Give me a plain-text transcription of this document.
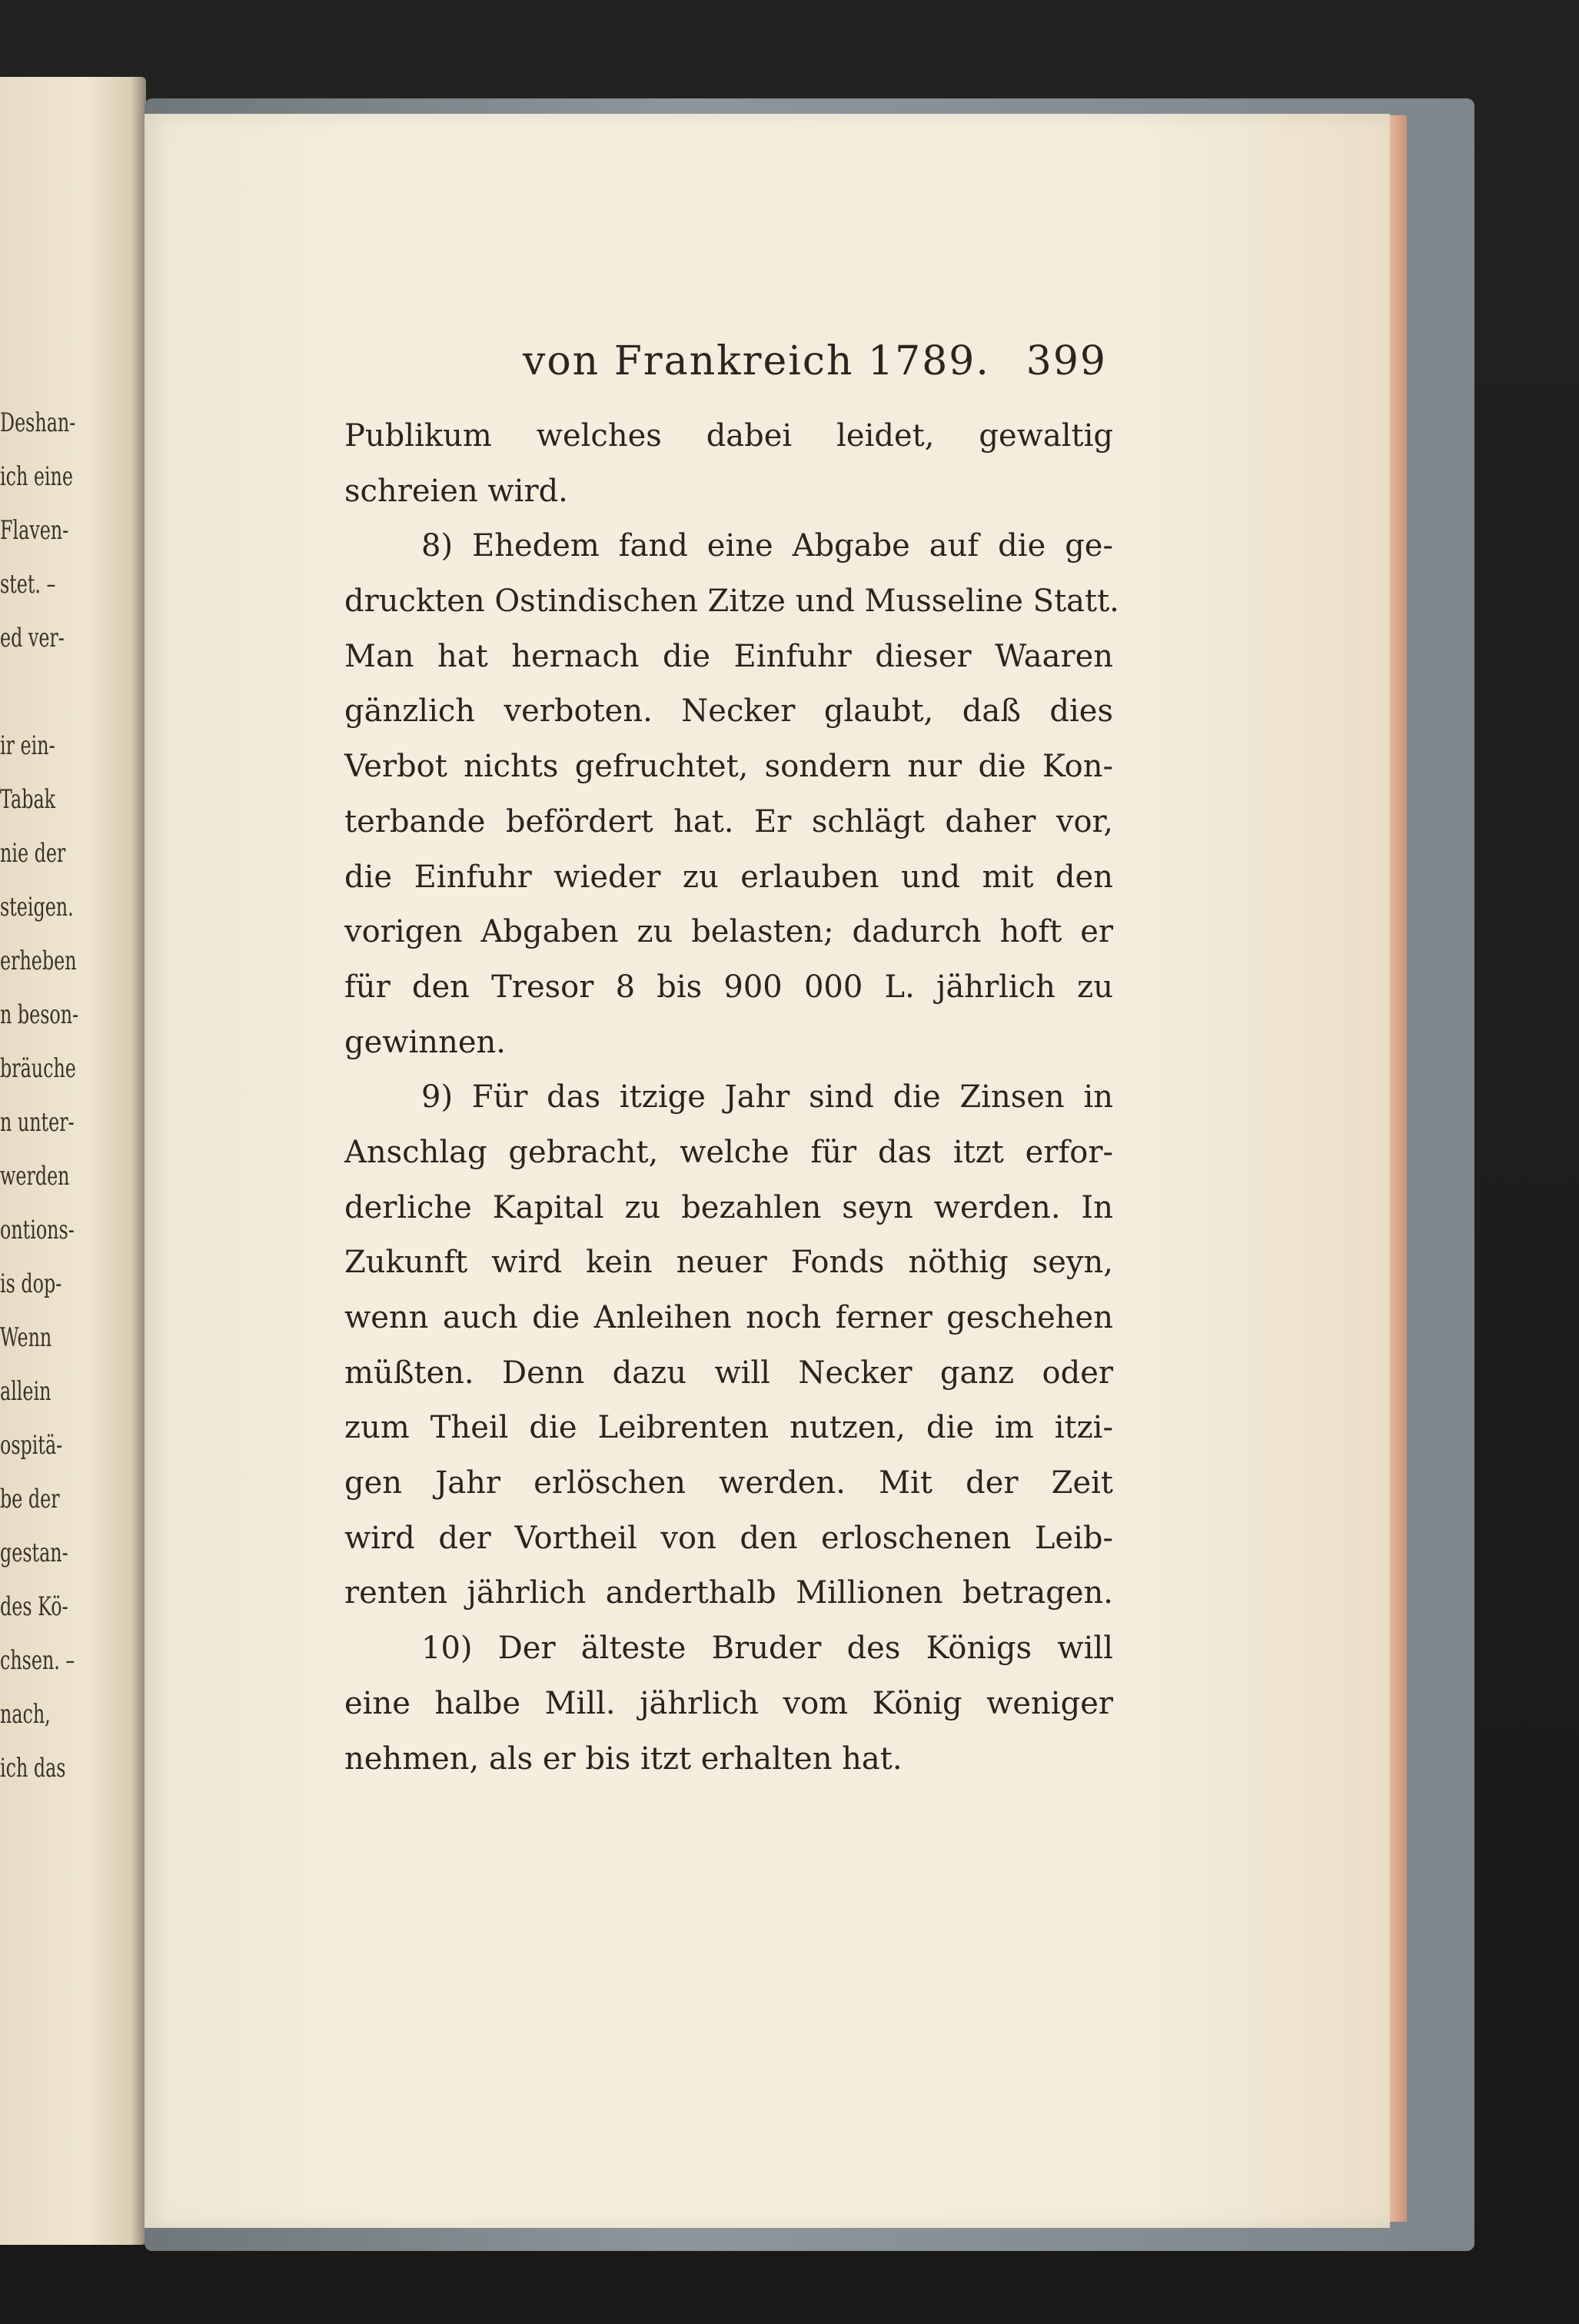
Deshan-
ich eine
Flaven-
stet. –
ed ver-
ir ein-
Tabak
nie der
steigen.
erheben
n beson-
bräuche
n unter-
werden
ontions-
is dop-
Wenn
allein
ospitä-
be der
gestan-
des Kö-
chsen. –
nach,
ich das
von Frankreich 1789. 399
Publikum welches dabei leidet, gewaltig
schreien wird.
8) Ehedem fand eine Abgabe auf die ge-
druckten Ostindischen Zitze und Musseline Statt.
Man hat hernach die Einfuhr dieser Waaren
gänzlich verboten. Necker glaubt, daß dies
Verbot nichts gefruchtet, sondern nur die Kon-
terbande befördert hat. Er schlägt daher vor,
die Einfuhr wieder zu erlauben und mit den
vorigen Abgaben zu belasten; dadurch hoft er
für den Tresor 8 bis 900 000 L. jährlich zu
gewinnen.
9) Für das itzige Jahr sind die Zinsen in
Anschlag gebracht, welche für das itzt erfor-
derliche Kapital zu bezahlen seyn werden. In
Zukunft wird kein neuer Fonds nöthig seyn,
wenn auch die Anleihen noch ferner geschehen
müßten. Denn dazu will Necker ganz oder
zum Theil die Leibrenten nutzen, die im itzi-
gen Jahr erlöschen werden. Mit der Zeit
wird der Vortheil von den erloschenen Leib-
renten jährlich anderthalb Millionen betragen.
10) Der älteste Bruder des Königs will
eine halbe Mill. jährlich vom König weniger
nehmen, als er bis itzt erhalten hat.
